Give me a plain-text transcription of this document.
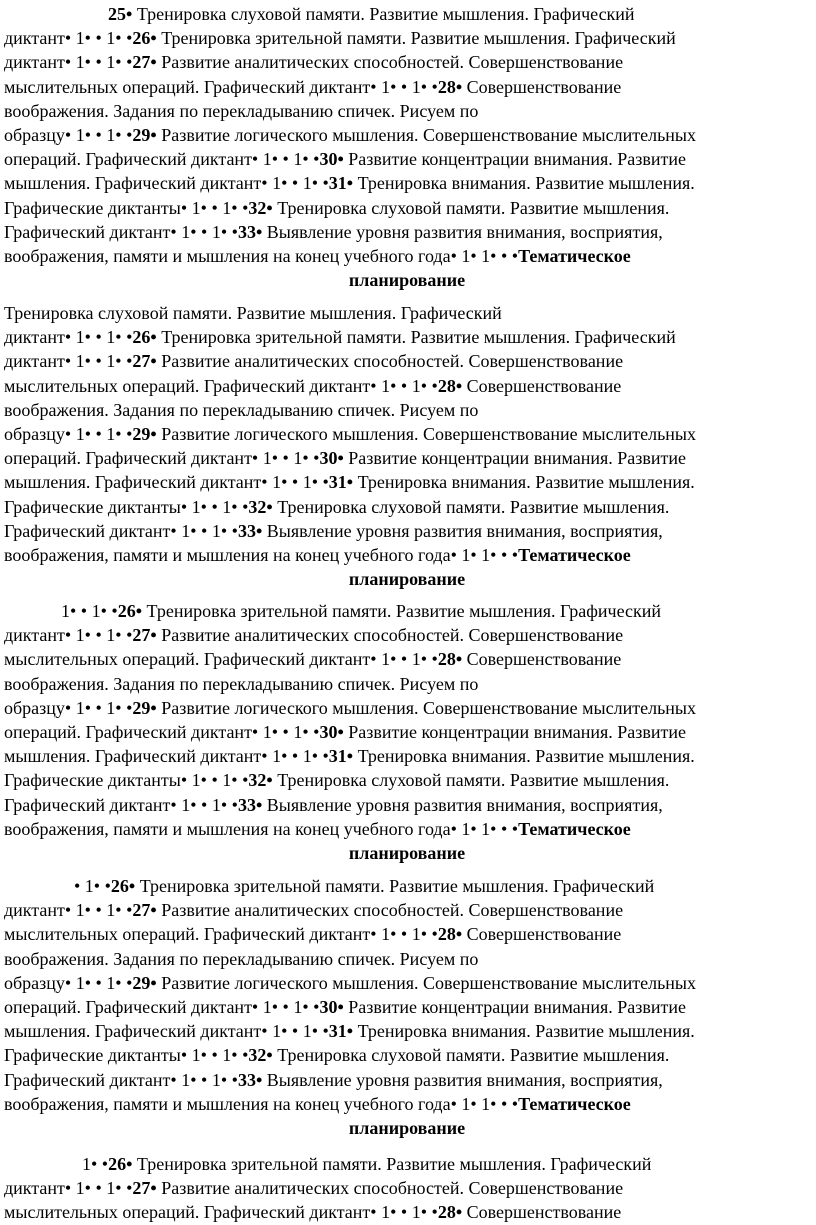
25• Тренировка слуховой памяти. Развитие мышления. Графический
диктант• 1• • 1• •26• Тренировка зрительной памяти. Развитие мышления. Графический
диктант• 1• • 1• •27• Развитие аналитических способностей. Совершенствование
мыслительных операций. Графический диктант• 1• • 1• •28• Совершенствование
воображения. Задания по перекладыванию спичек. Рисуем по
образцу• 1• • 1• •29• Развитие логического мышления. Совершенствование мыслительных
операций. Графический диктант• 1• • 1• •30• Развитие концентрации внимания. Развитие
мышления. Графический диктант• 1• • 1• •31• Тренировка внимания. Развитие мышления.
Графические диктанты• 1• • 1• •32• Тренировка слуховой памяти. Развитие мышления.
Графический диктант• 1• • 1• •33• Выявление уровня развития внимания, восприятия,
воображения, памяти и мышления на конец учебного года• 1• 1• • •Тематическое
планирование
Тренировка слуховой памяти. Развитие мышления. Графический
диктант• 1• • 1• •26• Тренировка зрительной памяти. Развитие мышления. Графический
диктант• 1• • 1• •27• Развитие аналитических способностей. Совершенствование
мыслительных операций. Графический диктант• 1• • 1• •28• Совершенствование
воображения. Задания по перекладыванию спичек. Рисуем по
образцу• 1• • 1• •29• Развитие логического мышления. Совершенствование мыслительных
операций. Графический диктант• 1• • 1• •30• Развитие концентрации внимания. Развитие
мышления. Графический диктант• 1• • 1• •31• Тренировка внимания. Развитие мышления.
Графические диктанты• 1• • 1• •32• Тренировка слуховой памяти. Развитие мышления.
Графический диктант• 1• • 1• •33• Выявление уровня развития внимания, восприятия,
воображения, памяти и мышления на конец учебного года• 1• 1• • •Тематическое
планирование
1• • 1• •26• Тренировка зрительной памяти. Развитие мышления. Графический
диктант• 1• • 1• •27• Развитие аналитических способностей. Совершенствование
мыслительных операций. Графический диктант• 1• • 1• •28• Совершенствование
воображения. Задания по перекладыванию спичек. Рисуем по
образцу• 1• • 1• •29• Развитие логического мышления. Совершенствование мыслительных
операций. Графический диктант• 1• • 1• •30• Развитие концентрации внимания. Развитие
мышления. Графический диктант• 1• • 1• •31• Тренировка внимания. Развитие мышления.
Графические диктанты• 1• • 1• •32• Тренировка слуховой памяти. Развитие мышления.
Графический диктант• 1• • 1• •33• Выявление уровня развития внимания, восприятия,
воображения, памяти и мышления на конец учебного года• 1• 1• • •Тематическое
планирование
• 1• •26• Тренировка зрительной памяти. Развитие мышления. Графический
диктант• 1• • 1• •27• Развитие аналитических способностей. Совершенствование
мыслительных операций. Графический диктант• 1• • 1• •28• Совершенствование
воображения. Задания по перекладыванию спичек. Рисуем по
образцу• 1• • 1• •29• Развитие логического мышления. Совершенствование мыслительных
операций. Графический диктант• 1• • 1• •30• Развитие концентрации внимания. Развитие
мышления. Графический диктант• 1• • 1• •31• Тренировка внимания. Развитие мышления.
Графические диктанты• 1• • 1• •32• Тренировка слуховой памяти. Развитие мышления.
Графический диктант• 1• • 1• •33• Выявление уровня развития внимания, восприятия,
воображения, памяти и мышления на конец учебного года• 1• 1• • •Тематическое
планирование
1• •26• Тренировка зрительной памяти. Развитие мышления. Графический
диктант• 1• • 1• •27• Развитие аналитических способностей. Совершенствование
мыслительных операций. Графический диктант• 1• • 1• •28• Совершенствование
